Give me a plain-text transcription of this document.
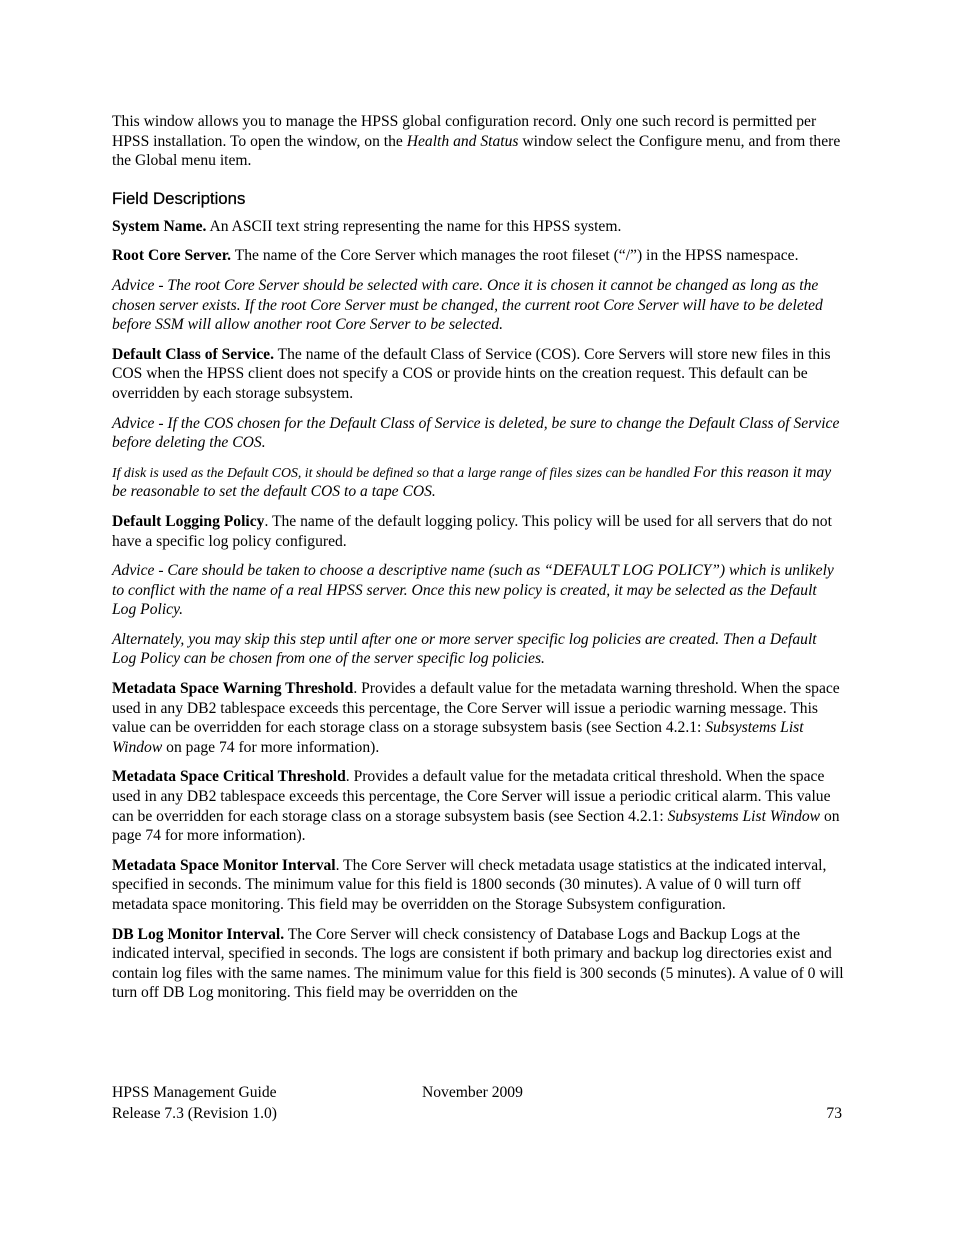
This window allows you to manage the HPSS global configuration record. Only one such record is permitted per HPSS installation. To open the window, on the Health and Status window select the Configure menu, and from there the Global menu item.

Field Descriptions

System Name. An ASCII text string representing the name for this HPSS system.

Root Core Server. The name of the Core Server which manages the root fileset (“/”) in the HPSS namespace.

Advice - The root Core Server should be selected with care. Once it is chosen it cannot be changed as long as the chosen server exists. If the root Core Server must be changed, the current root Core Server will have to be deleted before SSM will allow another root Core Server to be selected.

Default Class of Service. The name of the default Class of Service (COS). Core Servers will store new files in this COS when the HPSS client does not specify a COS or provide hints on the creation request. This default can be overridden by each storage subsystem.

Advice - If the COS chosen for the Default Class of Service is deleted, be sure to change the Default Class of Service before deleting the COS.

If disk is used as the Default COS, it should be defined so that a large range of files sizes can be handled For this reason it may be reasonable to set the default COS to a tape COS.

Default Logging Policy. The name of the default logging policy. This policy will be used for all servers that do not have a specific log policy configured.

Advice - Care should be taken to choose a descriptive name (such as “DEFAULT LOG POLICY”) which is unlikely to conflict with the name of a real HPSS server. Once this new policy is created, it may be selected as the Default Log Policy.

Alternately, you may skip this step until after one or more server specific log policies are created. Then a Default Log Policy can be chosen from one of the server specific log policies.

Metadata Space Warning Threshold. Provides a default value for the metadata warning threshold. When the space used in any DB2 tablespace exceeds this percentage, the Core Server will issue a periodic warning message. This value can be overridden for each storage class on a storage subsystem basis (see Section 4.2.1: Subsystems List Window on page 74 for more information).

Metadata Space Critical Threshold. Provides a default value for the metadata critical threshold. When the space used in any DB2 tablespace exceeds this percentage, the Core Server will issue a periodic critical alarm. This value can be overridden for each storage class on a storage subsystem basis (see Section 4.2.1: Subsystems List Window on page 74 for more information).

Metadata Space Monitor Interval. The Core Server will check metadata usage statistics at the indicated interval, specified in seconds. The minimum value for this field is 1800 seconds (30 minutes). A value of 0 will turn off metadata space monitoring. This field may be overridden on the Storage Subsystem configuration.

DB Log Monitor Interval. The Core Server will check consistency of Database Logs and Backup Logs at the indicated interval, specified in seconds. The logs are consistent if both primary and backup log directories exist and contain log files with the same names. The minimum value for this field is 300 seconds (5 minutes). A value of 0 will turn off DB Log monitoring. This field may be overridden on the

HPSS Management Guide	November 2009
Release 7.3 (Revision 1.0)	73
